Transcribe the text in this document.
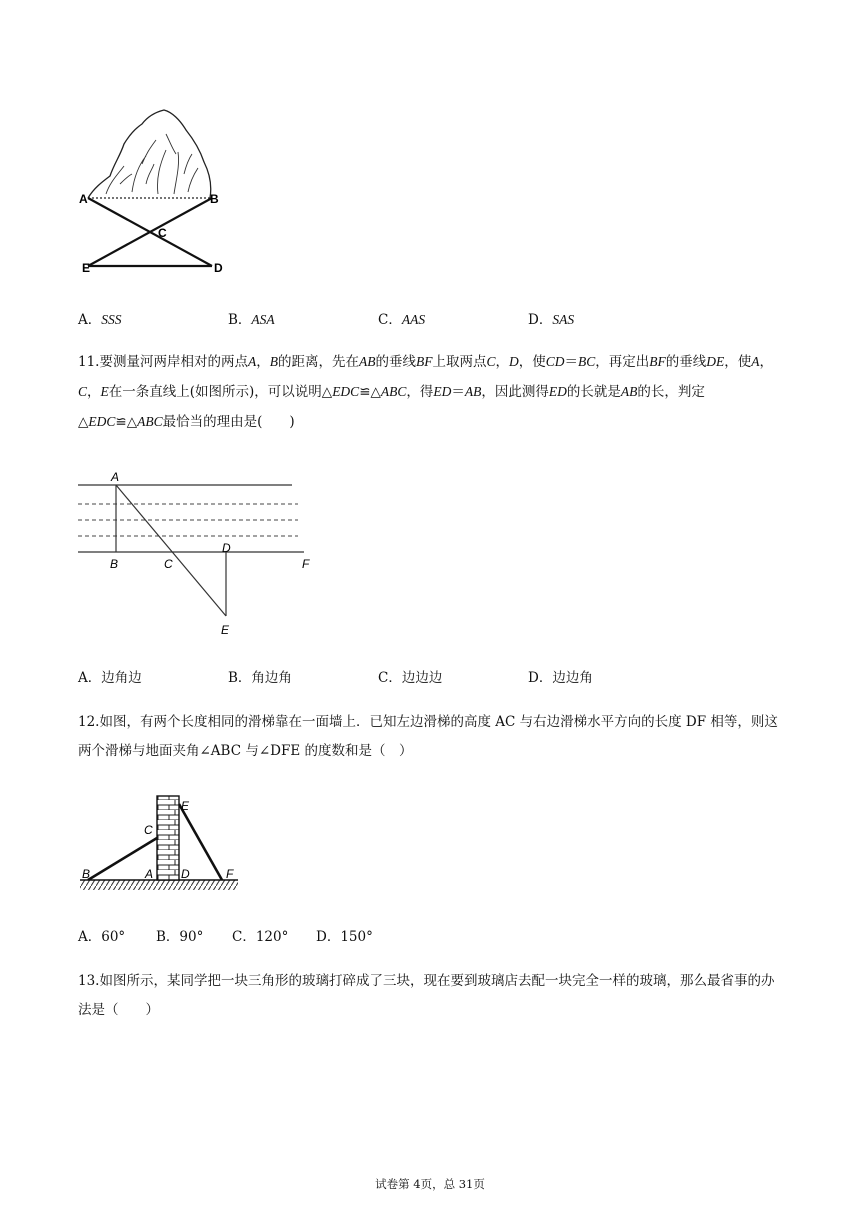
A	B
C
E	D
A．SSS	B．ASA	C．AAS	D．SAS
11.要测量河两岸相对的两点A，B的距离，先在AB的垂线BF上取两点C，D，使CD＝BC，再定出BF的垂线DE，使A，C，E在一条直线上(如图所示)，可以说明△EDC≌△ABC，得ED＝AB，因此测得ED的长就是AB的长，判定△EDC≌△ABC最恰当的理由是(　　)
A
B	C
D
F
E
A．边角边	B．角边角	C．边边边	D．边边角
12.如图，有两个长度相同的滑梯靠在一面墙上．已知左边滑梯的高度 AC 与右边滑梯水平方向的长度 DF 相等，则这两个滑梯与地面夹角∠ABC 与∠DFE 的度数和是（　）
B	A
C
D
E
F
A．60° B．90° C．120° D．150°
13.如图所示，某同学把一块三角形的玻璃打碎成了三块，现在要到玻璃店去配一块完全一样的玻璃，那么最省事的办法是（　　）
试卷第 4页，总 31页
